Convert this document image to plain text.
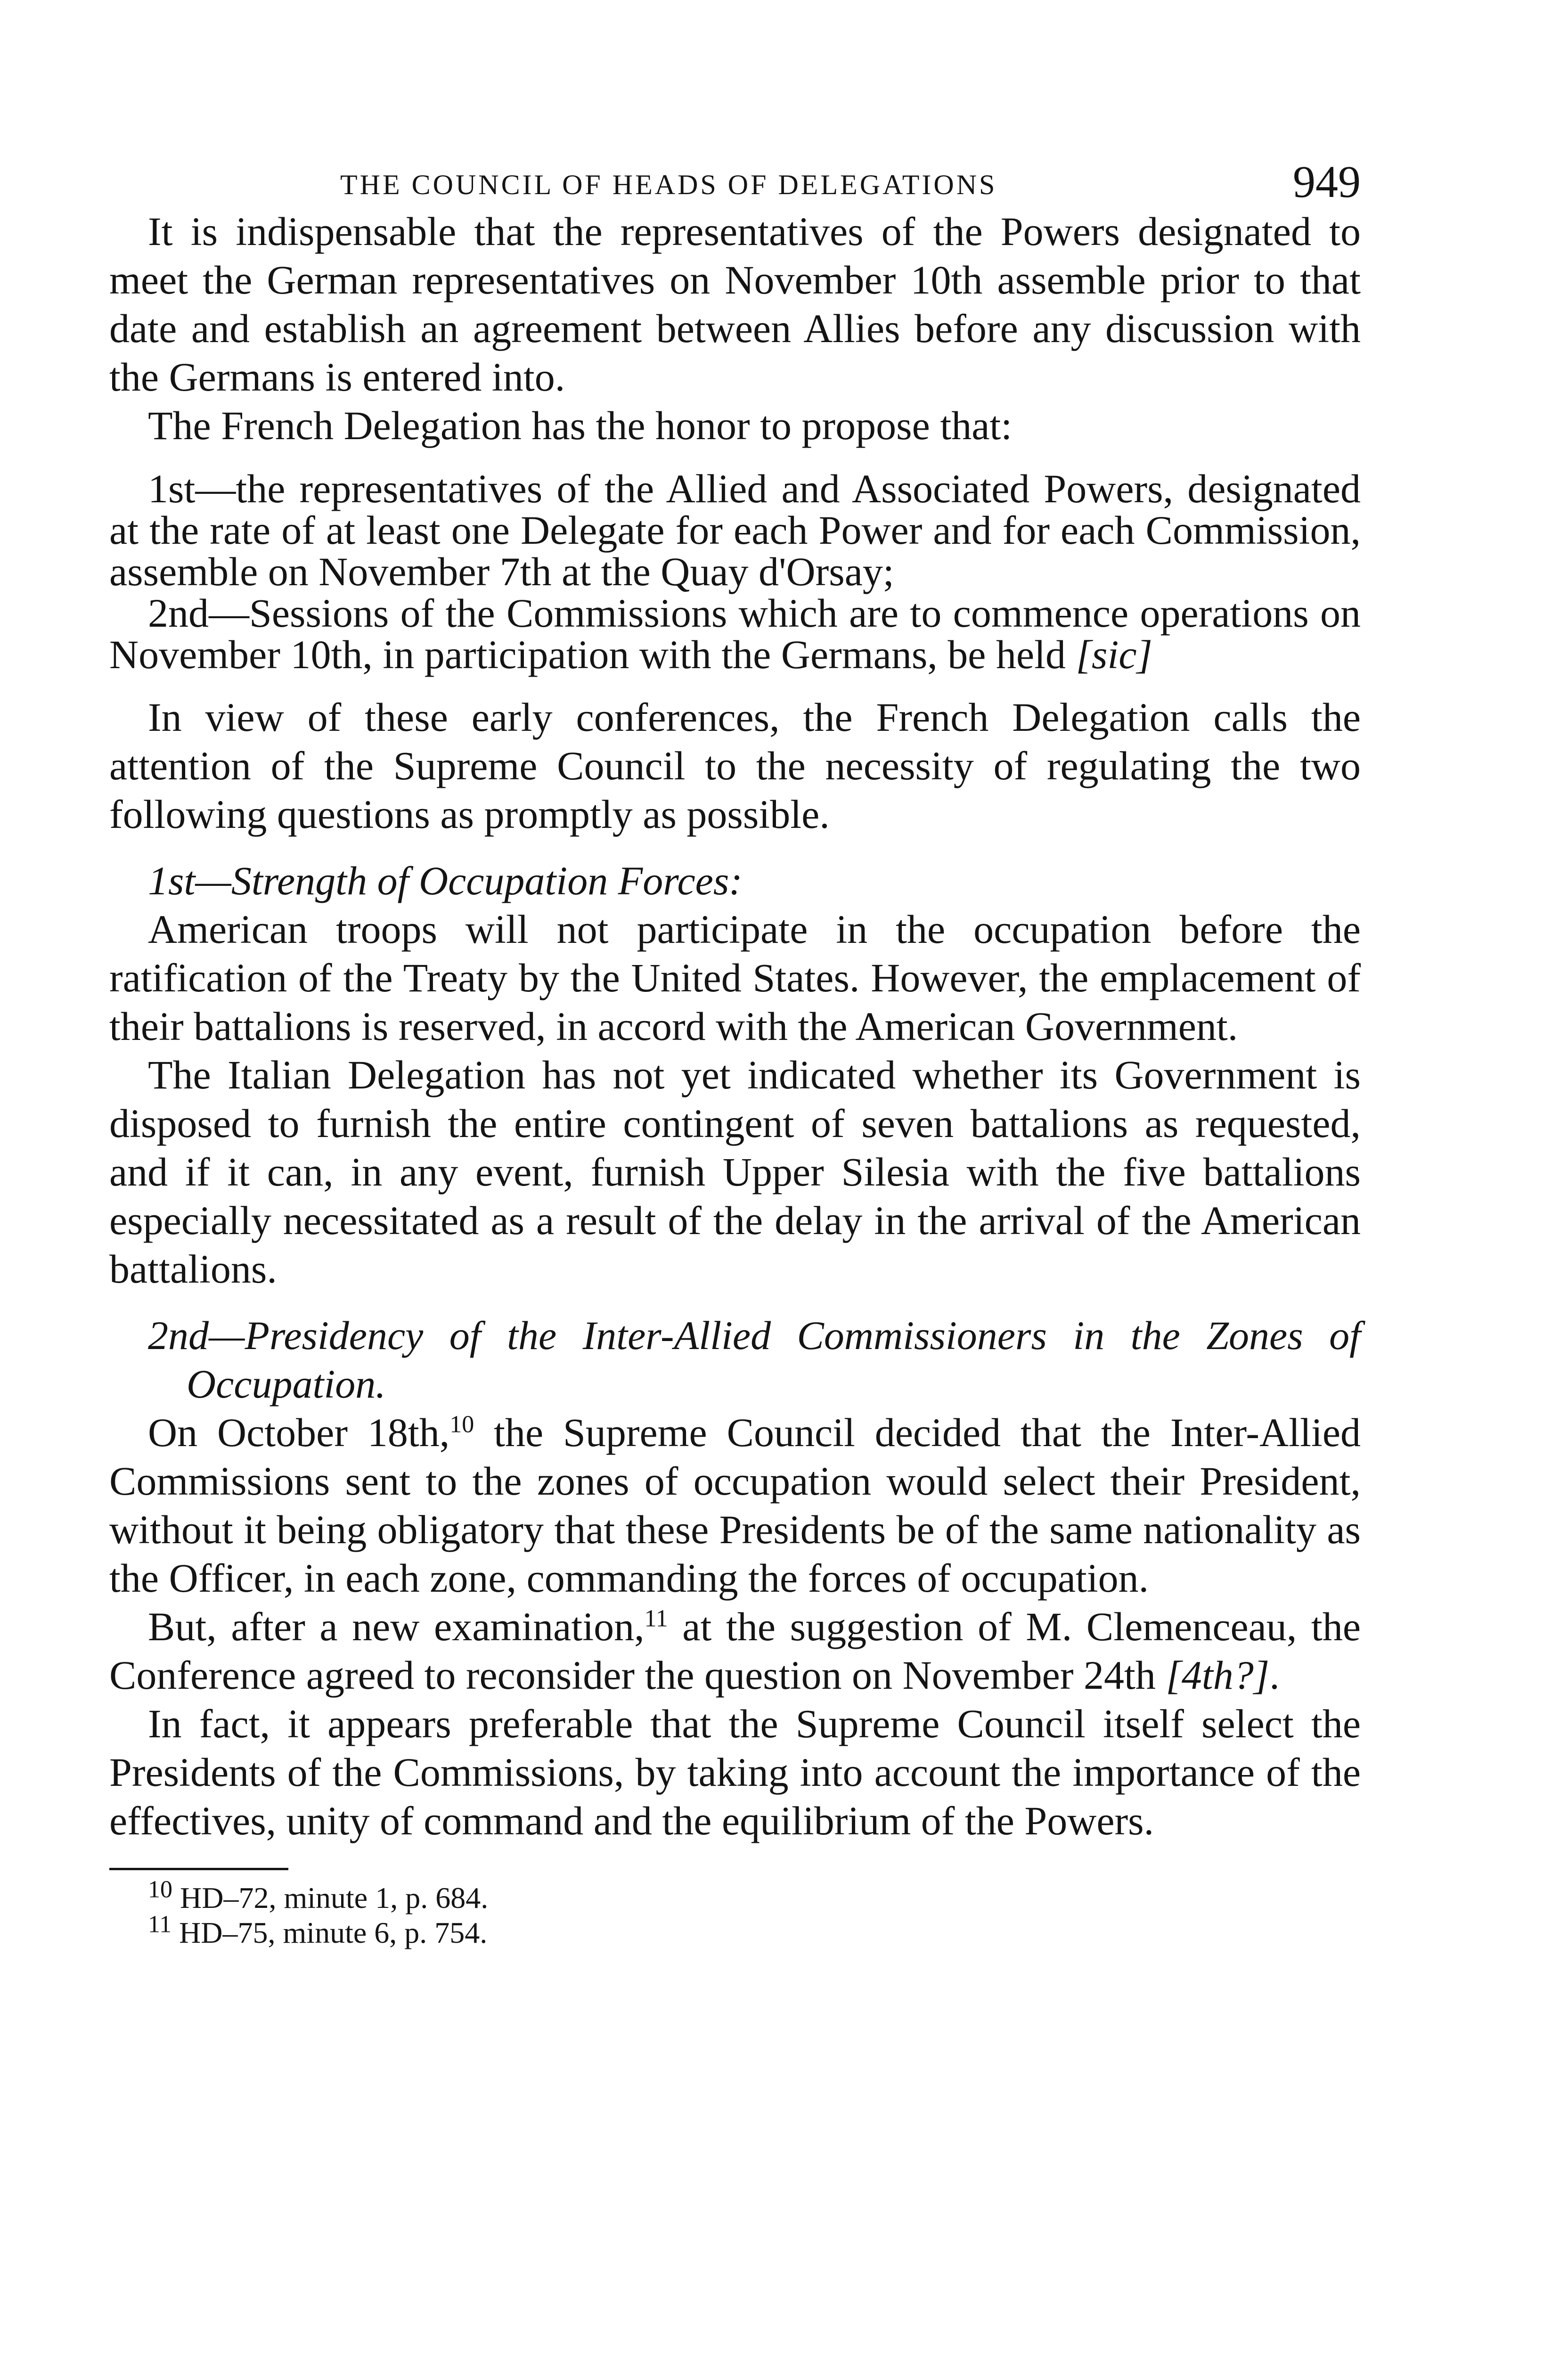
THE COUNCIL OF HEADS OF DELEGATIONS	949

It is indispensable that the representatives of the Powers designated to meet the German representatives on November 10th assemble prior to that date and establish an agreement between Allies before any discussion with the Germans is entered into.

The French Delegation has the honor to propose that:

1st—the representatives of the Allied and Associated Powers, designated at the rate of at least one Delegate for each Power and for each Commission, assemble on November 7th at the Quay d'Orsay;

2nd—Sessions of the Commissions which are to commence operations on November 10th, in participation with the Germans, be held [sic]

In view of these early conferences, the French Delegation calls the attention of the Supreme Council to the necessity of regulating the two following questions as promptly as possible.

1st—Strength of Occupation Forces:

American troops will not participate in the occupation before the ratification of the Treaty by the United States. However, the emplacement of their battalions is reserved, in accord with the American Government.

The Italian Delegation has not yet indicated whether its Government is disposed to furnish the entire contingent of seven battalions as requested, and if it can, in any event, furnish Upper Silesia with the five battalions especially necessitated as a result of the delay in the arrival of the American battalions.

2nd—Presidency of the Inter-Allied Commissioners in the Zones of Occupation.

On October 18th,$^{10}$ the Supreme Council decided that the Inter-Allied Commissions sent to the zones of occupation would select their President, without it being obligatory that these Presidents be of the same nationality as the Officer, in each zone, commanding the forces of occupation.

But, after a new examination,$^{11}$ at the suggestion of M. Clemenceau, the Conference agreed to reconsider the question on November 24th [4th?].

In fact, it appears preferable that the Supreme Council itself select the Presidents of the Commissions, by taking into account the importance of the effectives, unity of command and the equilibrium of the Powers.

$^{10}$ HD–72, minute 1, p. 684.

$^{11}$ HD–75, minute 6, p. 754.
